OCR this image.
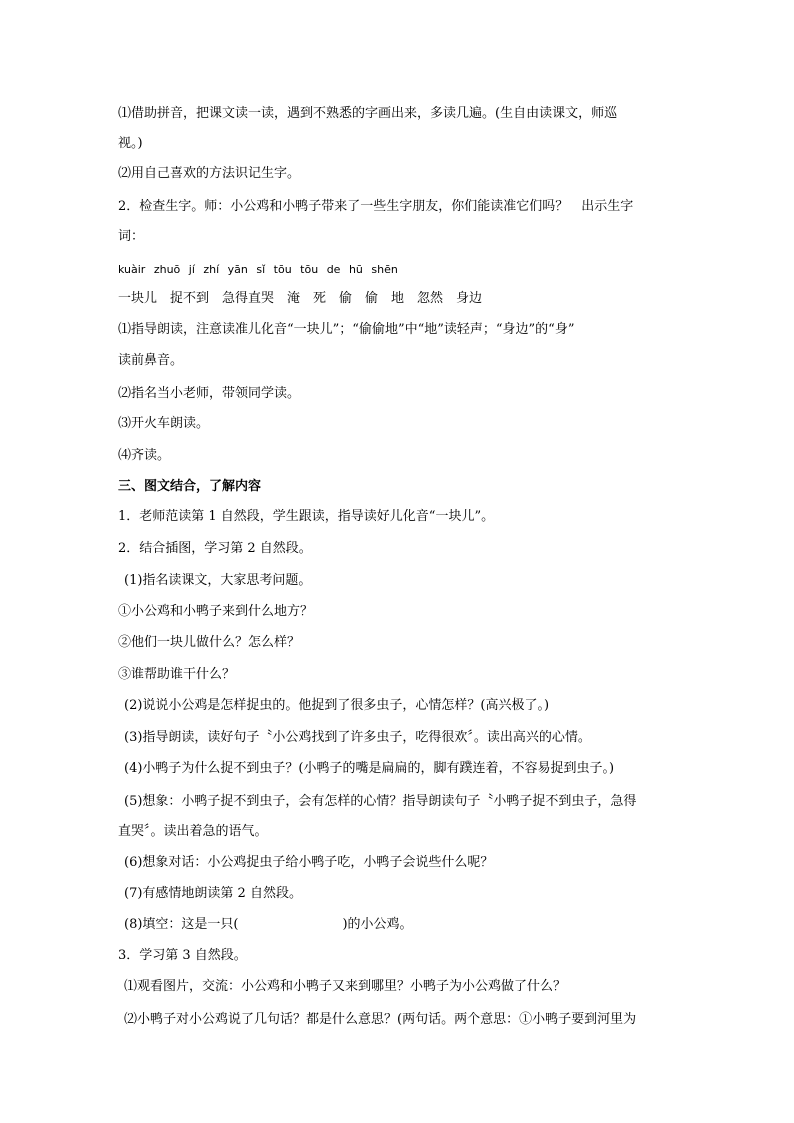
⑴借助拼音，把课文读一读，遇到不熟悉的字画出来，多读几遍。(生自由读课文，师巡
视。)
⑵用自己喜欢的方法识记生字。
2．检查生字。师：小公鸡和小鸭子带来了一些生字朋友，你们能读准它们吗？　出示生字
词：
kuàir zhuō jí zhí yān sǐ tōu tōu de hū shēn
一块儿　捉不到　急得直哭　淹　死　偷　偷　地　忽然　身边
⑴指导朗读，注意读准儿化音“一块儿”；“偷偷地”中“地”读轻声；“身边”的“身”
读前鼻音。
⑵指名当小老师，带领同学读。
⑶开火车朗读。
⑷齐读。
三、图文结合，了解内容
1．老师范读第 1 自然段，学生跟读，指导读好儿化音“一块儿”。
2．结合插图，学习第 2 自然段。
(1)指名读课文，大家思考问题。
①小公鸡和小鸭子来到什么地方？
②他们一块儿做什么？怎么样？
③谁帮助谁干什么？
(2)说说小公鸡是怎样捉虫的。他捉到了很多虫子，心情怎样？(高兴极了。)
(3)指导朗读，读好句子〝小公鸡找到了许多虫子，吃得很欢〞。读出高兴的心情。
(4)小鸭子为什么捉不到虫子？(小鸭子的嘴是扁扁的，脚有蹼连着，不容易捉到虫子。)
(5)想象：小鸭子捉不到虫子，会有怎样的心情？指导朗读句子〝小鸭子捉不到虫子，急得
直哭〞。读出着急的语气。
(6)想象对话：小公鸡捉虫子给小鸭子吃，小鸭子会说些什么呢？
(7)有感情地朗读第 2 自然段。
(8)填空：这是一只(　　　　　　　　)的小公鸡。
3．学习第 3 自然段。
⑴观看图片，交流：小公鸡和小鸭子又来到哪里？小鸭子为小公鸡做了什么？
⑵小鸭子对小公鸡说了几句话？都是什么意思？(两句话。两个意思：①小鸭子要到河里为
